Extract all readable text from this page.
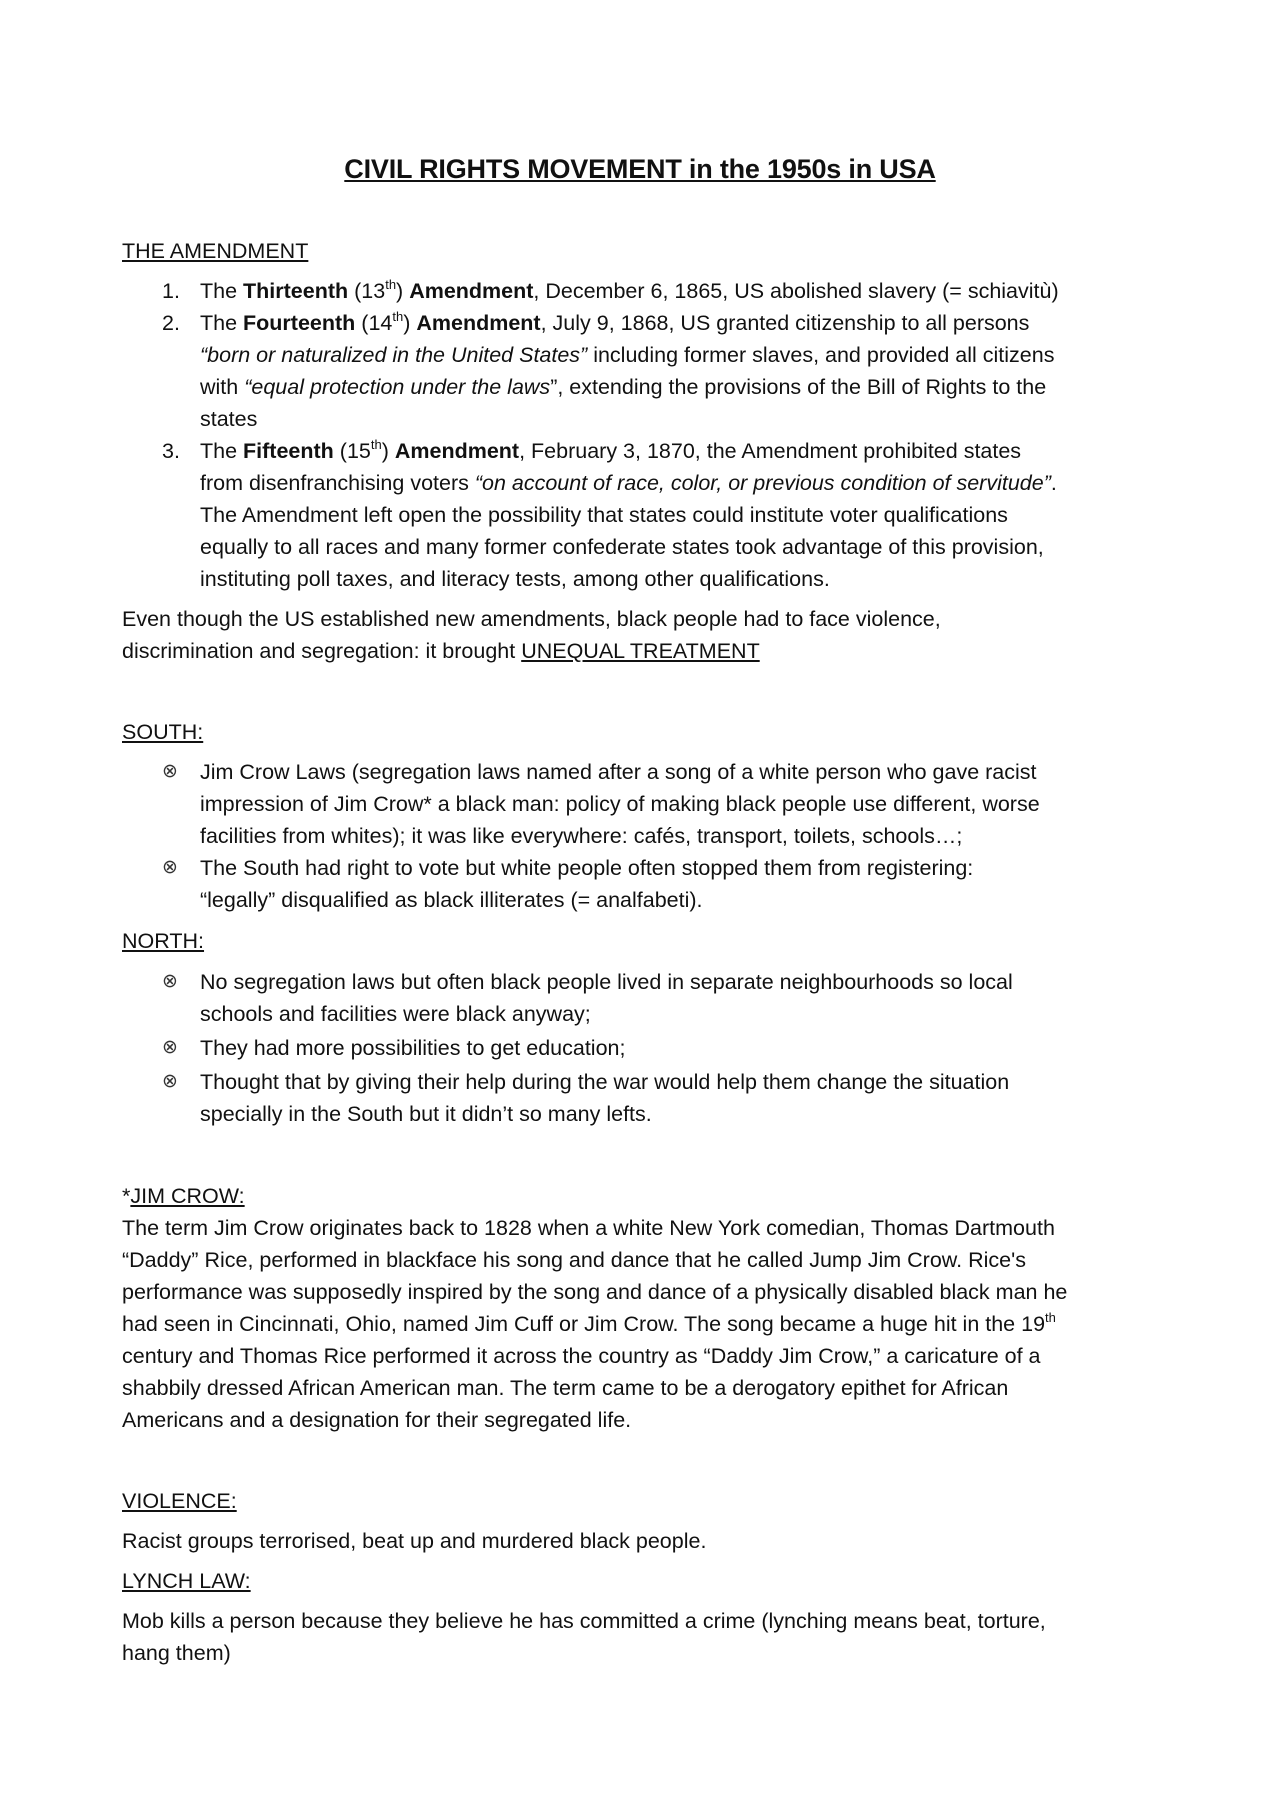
CIVIL RIGHTS MOVEMENT in the 1950s in USA
THE AMENDMENT
1. The Thirteenth (13th) Amendment, December 6, 1865, US abolished slavery (= schiavitù)
2. The Fourteenth (14th) Amendment, July 9, 1868, US granted citizenship to all persons
“born or naturalized in the United States” including former slaves, and provided all citizens
with “equal protection under the laws”, extending the provisions of the Bill of Rights to the
states
3. The Fifteenth (15th) Amendment, February 3, 1870, the Amendment prohibited states
from disenfranchising voters “on account of race, color, or previous condition of servitude”.
The Amendment left open the possibility that states could institute voter qualifications
equally to all races and many former confederate states took advantage of this provision,
instituting poll taxes, and literacy tests, among other qualifications.
Even though the US established new amendments, black people had to face violence,
discrimination and segregation: it brought UNEQUAL TREATMENT
SOUTH:
⊗ Jim Crow Laws (segregation laws named after a song of a white person who gave racist
impression of Jim Crow* a black man: policy of making black people use different, worse
facilities from whites); it was like everywhere: cafés, transport, toilets, schools…;
⊗ The South had right to vote but white people often stopped them from registering:
“legally” disqualified as black illiterates (= analfabeti).
NORTH:
⊗ No segregation laws but often black people lived in separate neighbourhoods so local
schools and facilities were black anyway;
⊗ They had more possibilities to get education;
⊗ Thought that by giving their help during the war would help them change the situation
specially in the South but it didn’t so many lefts.
*JIM CROW:
The term Jim Crow originates back to 1828 when a white New York comedian, Thomas Dartmouth
“Daddy” Rice, performed in blackface his song and dance that he called Jump Jim Crow. Rice's
performance was supposedly inspired by the song and dance of a physically disabled black man he
had seen in Cincinnati, Ohio, named Jim Cuff or Jim Crow. The song became a huge hit in the 19th
century and Thomas Rice performed it across the country as “Daddy Jim Crow,” a caricature of a
shabbily dressed African American man. The term came to be a derogatory epithet for African
Americans and a designation for their segregated life.
VIOLENCE:
Racist groups terrorised, beat up and murdered black people.
LYNCH LAW:
Mob kills a person because they believe he has committed a crime (lynching means beat, torture,
hang them)
